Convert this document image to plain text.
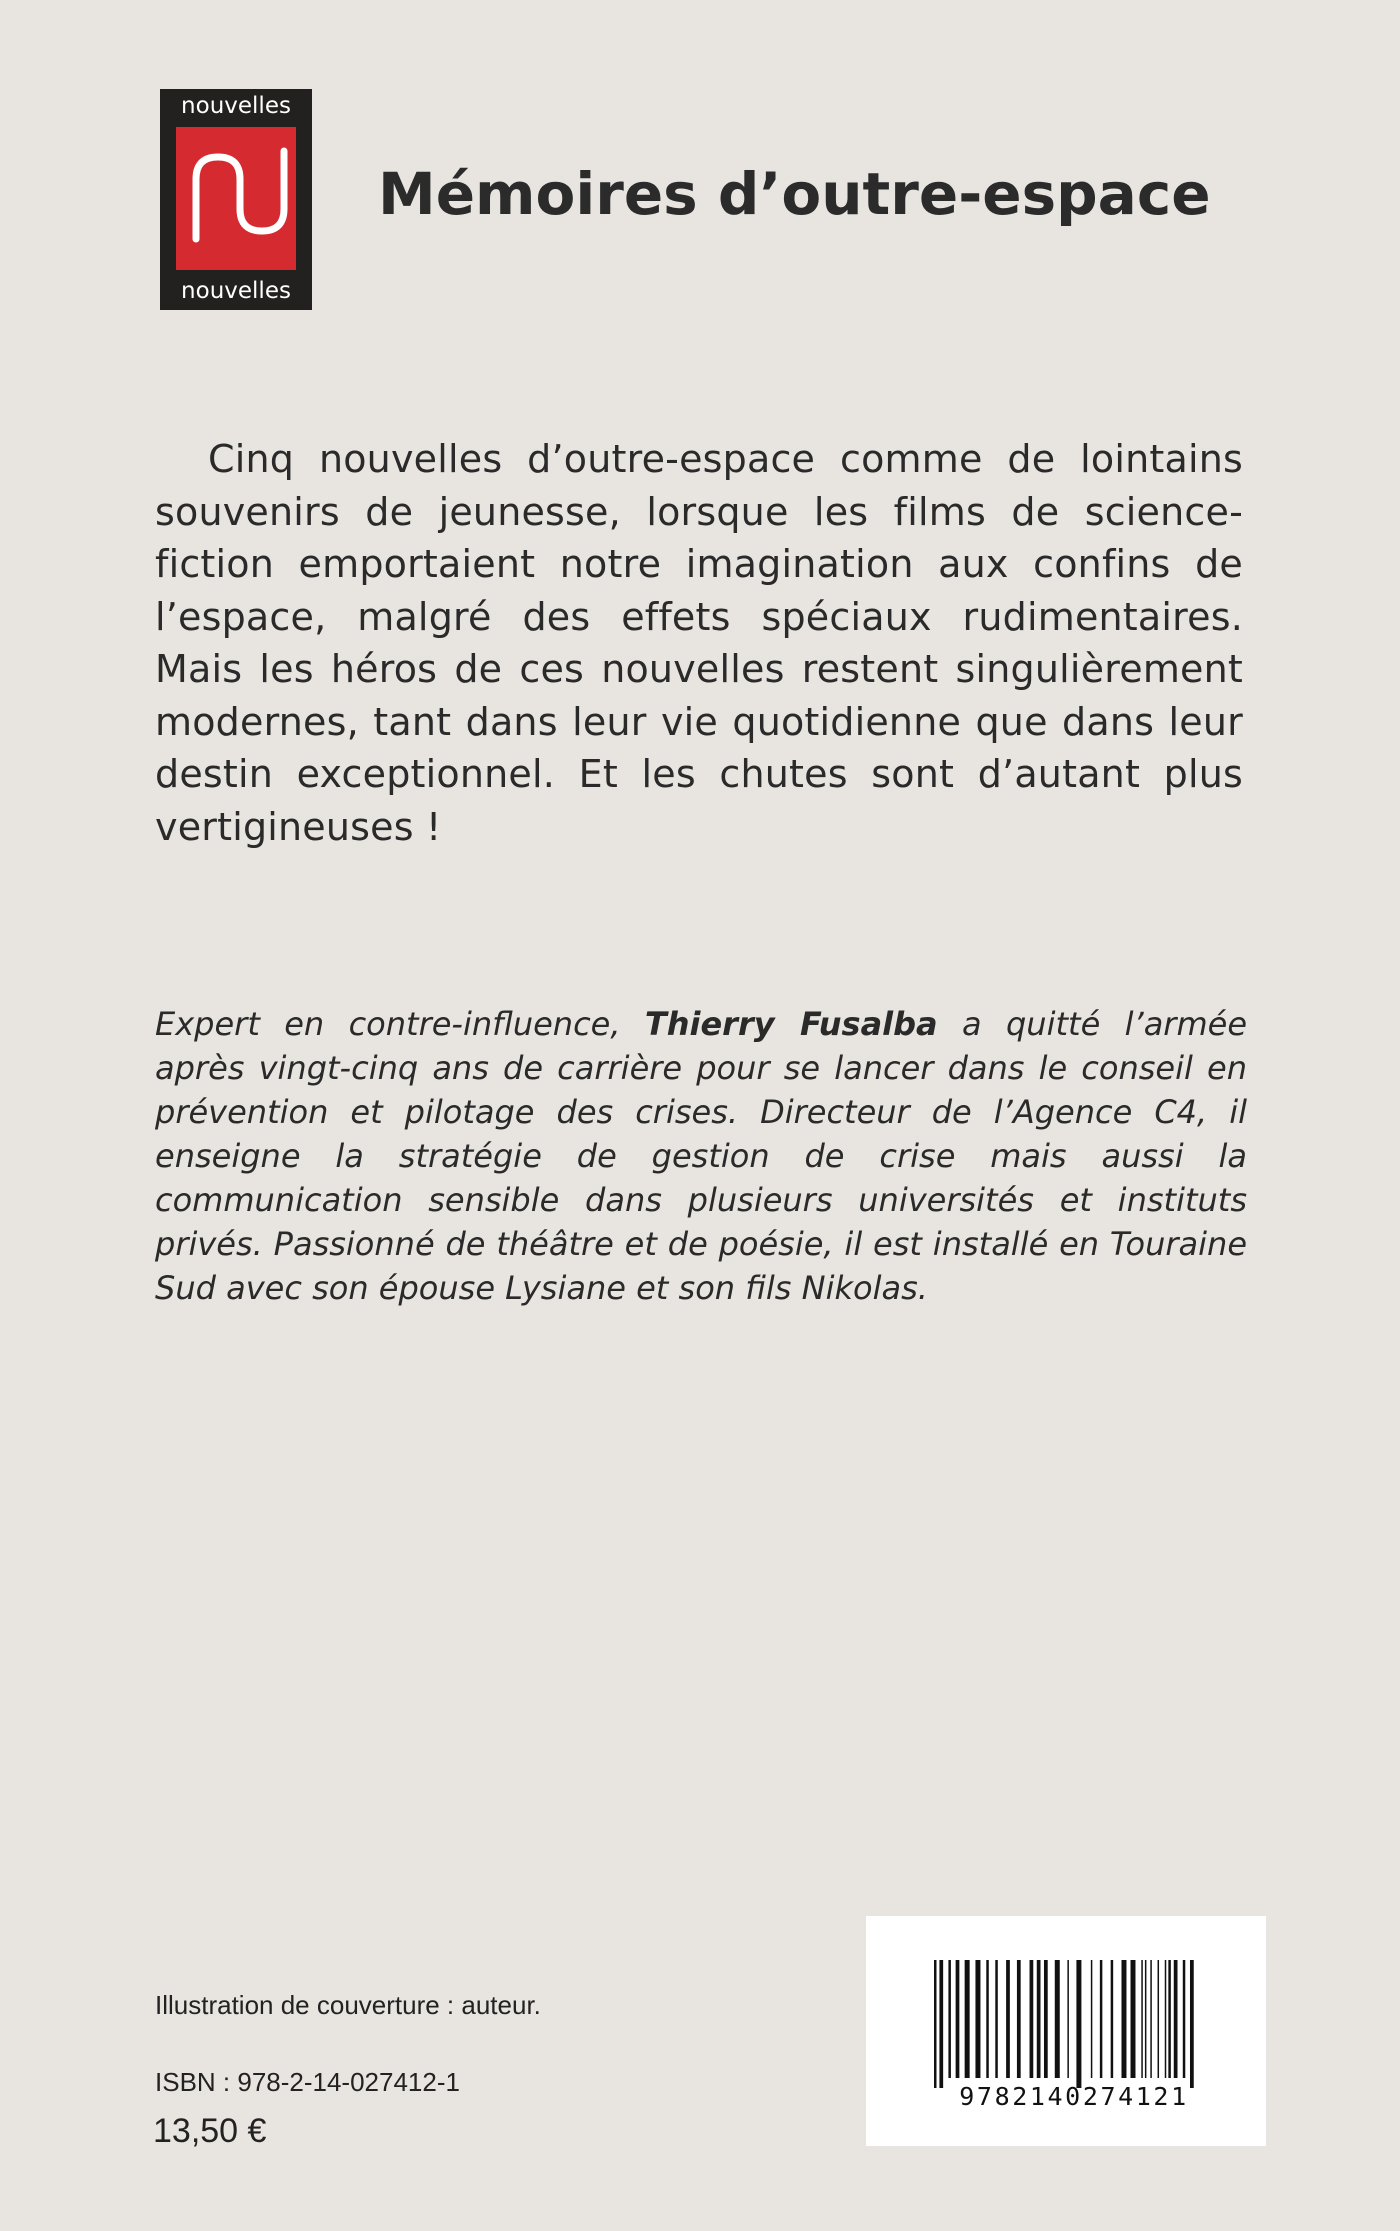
nouvelles
nouvelles
Mémoires d’outre-espace

Cinq nouvelles d’outre-espace comme de lointains souvenirs de jeunesse, lorsque les films de science-fiction emportaient notre imagination aux confins de l’espace, malgré des effets spéciaux rudimentaires. Mais les héros de ces nouvelles restent singulièrement modernes, tant dans leur vie quotidienne que dans leur destin exceptionnel. Et les chutes sont d’autant plus vertigineuses !

Expert en contre-influence, Thierry Fusalba a quitté l’armée après vingt-cinq ans de carrière pour se lancer dans le conseil en prévention et pilotage des crises. Directeur de l’Agence C4, il enseigne la stratégie de gestion de crise mais aussi la communication sensible dans plusieurs universités et instituts privés. Passionné de théâtre et de poésie, il est installé en Touraine Sud avec son épouse Lysiane et son fils Nikolas.

Illustration de couverture : auteur.
ISBN : 978-2-14-027412-1
13,50 €
9782140274121
